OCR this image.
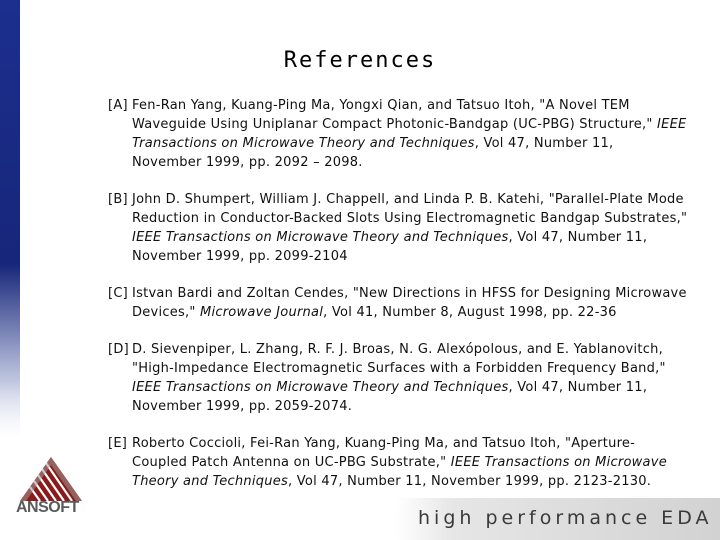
References
[A] Fen-Ran Yang, Kuang-Ping Ma, Yongxi Qian, and Tatsuo Itoh, "A Novel TEM
Waveguide Using Uniplanar Compact Photonic-Bandgap (UC-PBG) Structure," IEEE
Transactions on Microwave Theory and Techniques, Vol 47, Number 11,
November 1999, pp. 2092 – 2098.
[B] John D. Shumpert, William J. Chappell, and Linda P. B. Katehi, "Parallel-Plate Mode
Reduction in Conductor-Backed Slots Using Electromagnetic Bandgap Substrates,"
IEEE Transactions on Microwave Theory and Techniques, Vol 47, Number 11,
November 1999, pp. 2099-2104
[C] Istvan Bardi and Zoltan Cendes, "New Directions in HFSS for Designing Microwave
Devices," Microwave Journal, Vol 41, Number 8, August 1998, pp. 22-36
[D] D. Sievenpiper, L. Zhang, R. F. J. Broas, N. G. Alexópolous, and E. Yablanovitch,
"High-Impedance Electromagnetic Surfaces with a Forbidden Frequency Band,"
IEEE Transactions on Microwave Theory and Techniques, Vol 47, Number 11,
November 1999, pp. 2059-2074.
[E] Roberto Coccioli, Fei-Ran Yang, Kuang-Ping Ma, and Tatsuo Itoh, "Aperture-
Coupled Patch Antenna on UC-PBG Substrate," IEEE Transactions on Microwave
Theory and Techniques, Vol 47, Number 11, November 1999, pp. 2123-2130.
ANSOFT	high performance EDA
